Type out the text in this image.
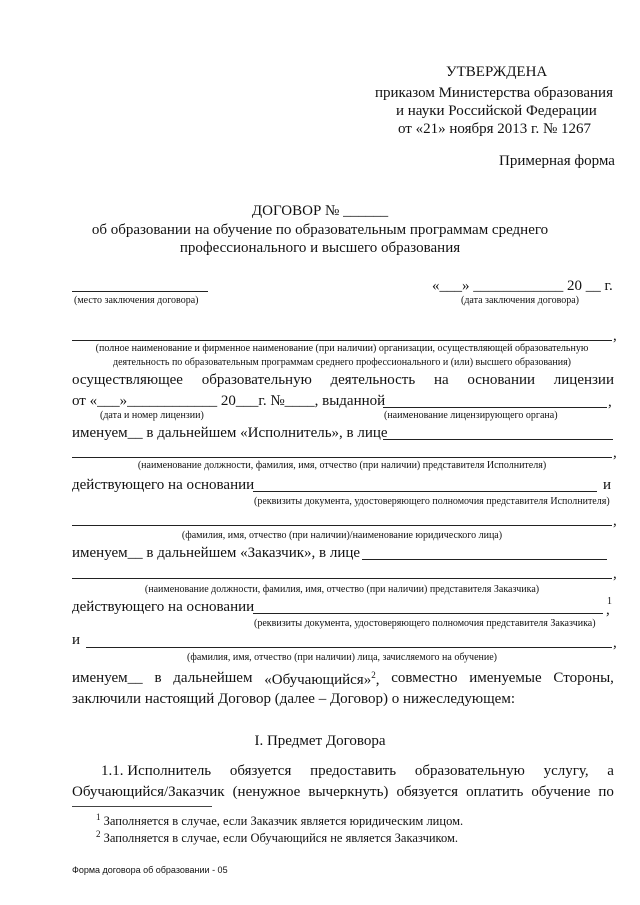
УТВЕРЖДЕНА
приказом Министерства образования
и науки Российской Федерации
от «21» ноября 2013 г. № 1267
Примерная форма
ДОГОВОР № ______
об образовании на обучение по образовательным программам среднего
профессионального и высшего образования
«___» ____________ 20 __ г.
(место заключения договора)	(дата заключения договора)
,
(полное наименование и фирменное наименование (при наличии) организации, осуществляющей образовательную
деятельность по образовательным программам среднего профессионального и (или) высшего образования)
осуществляющее образовательную деятельность на основании лицензии
от «___»____________ 20___г. №____, выданной	,
(дата и номер лицензии)	(наименование лицензирующего органа)
именуем__ в дальнейшем «Исполнитель», в лице
,
(наименование должности, фамилия, имя, отчество (при наличии) представителя Исполнителя)
действующего на основании	и
(реквизиты документа, удостоверяющего полномочия представителя Исполнителя)
,
(фамилия, имя, отчество (при наличии)/наименование юридического лица)
именуем__ в дальнейшем «Заказчик», в лице
,
(наименование должности, фамилия, имя, отчество (при наличии) представителя Заказчика)
действующего на основании	1
,
(реквизиты документа, удостоверяющего полномочия представителя Заказчика)
и	,
(фамилия, имя, отчество (при наличии) лица, зачисляемого на обучение)
именуем__ в дальнейшем «Обучающийся»$^2$, совместно именуемые Стороны,
заключили настоящий Договор (далее – Договор) о нижеследующем:
I. Предмет Договора
1.1. Исполнитель обязуется предоставить образовательную услугу, а
Обучающийся/Заказчик (ненужное вычеркнуть) обязуется оплатить обучение по
$^1$ Заполняется в случае, если Заказчик является юридическим лицом.
$^2$ Заполняется в случае, если Обучающийся не является Заказчиком.
Форма договора об образовании - 05
